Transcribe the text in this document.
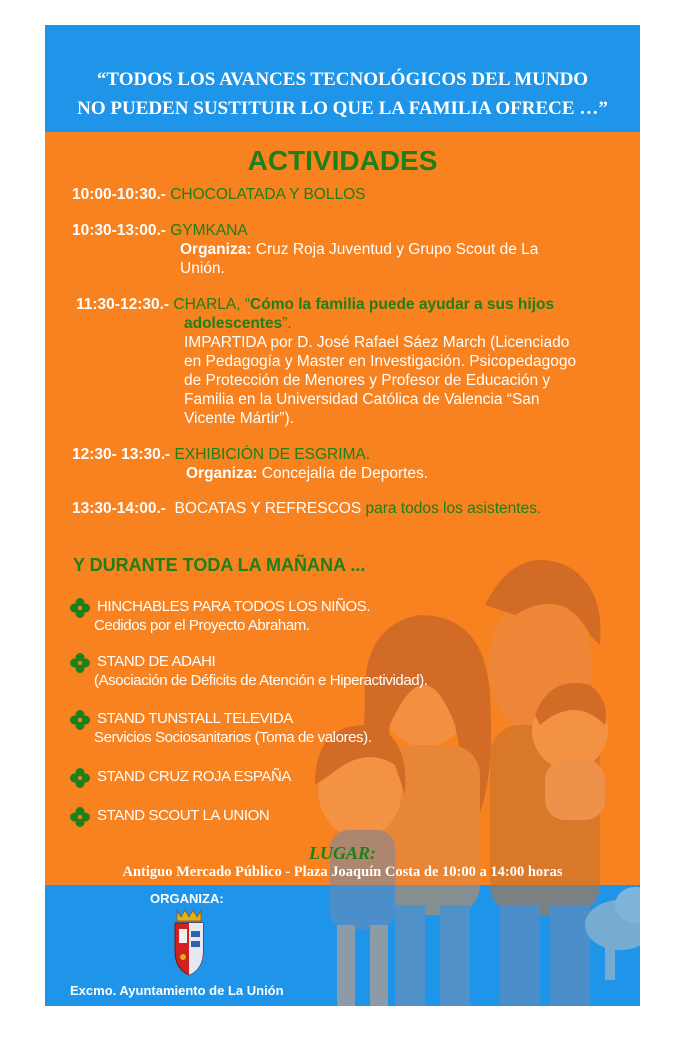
“TODOS LOS AVANCES TECNOLÓGICOS DEL MUNDO
NO PUEDEN SUSTITUIR LO QUE LA FAMILIA OFRECE …”
ACTIVIDADES
10:00-10:30.- CHOCOLATADA Y BOLLOS
10:30-13:00.- GYMKANA
Organiza: Cruz Roja Juventud y Grupo Scout de La
Unión.
11:30-12:30.- CHARLA, “Cómo la familia puede ayudar a sus hijos
adolescentes”.
IMPARTIDA por D. José Rafael Sáez March (Licenciado
en Pedagogía y Master en Investigación. Psicopedagogo
de Protección de Menores y Profesor de Educación y
Familia en la Universidad Católica de Valencia “San
Vicente Mártir”).
12:30- 13:30.- EXHIBICIÓN DE ESGRIMA.
Organiza: Concejalía de Deportes.
13:30-14:00.- BOCATAS Y REFRESCOS para todos los asistentes.
Y DURANTE TODA LA MAÑANA ...
HINCHABLES PARA TODOS LOS NIÑOS.
Cedidos por el Proyecto Abraham.
STAND DE ADAHI
(Asociación de Déficits de Atención e Hiperactividad).
STAND TUNSTALL TELEVIDA
Servicios Sociosanitarios (Toma de valores).
STAND CRUZ ROJA ESPAÑA
STAND SCOUT LA UNION
LUGAR:
Antiguo Mercado Público - Plaza Joaquín Costa de 10:00 a 14:00 horas
ORGANIZA:
Excmo. Ayuntamiento de La Unión
